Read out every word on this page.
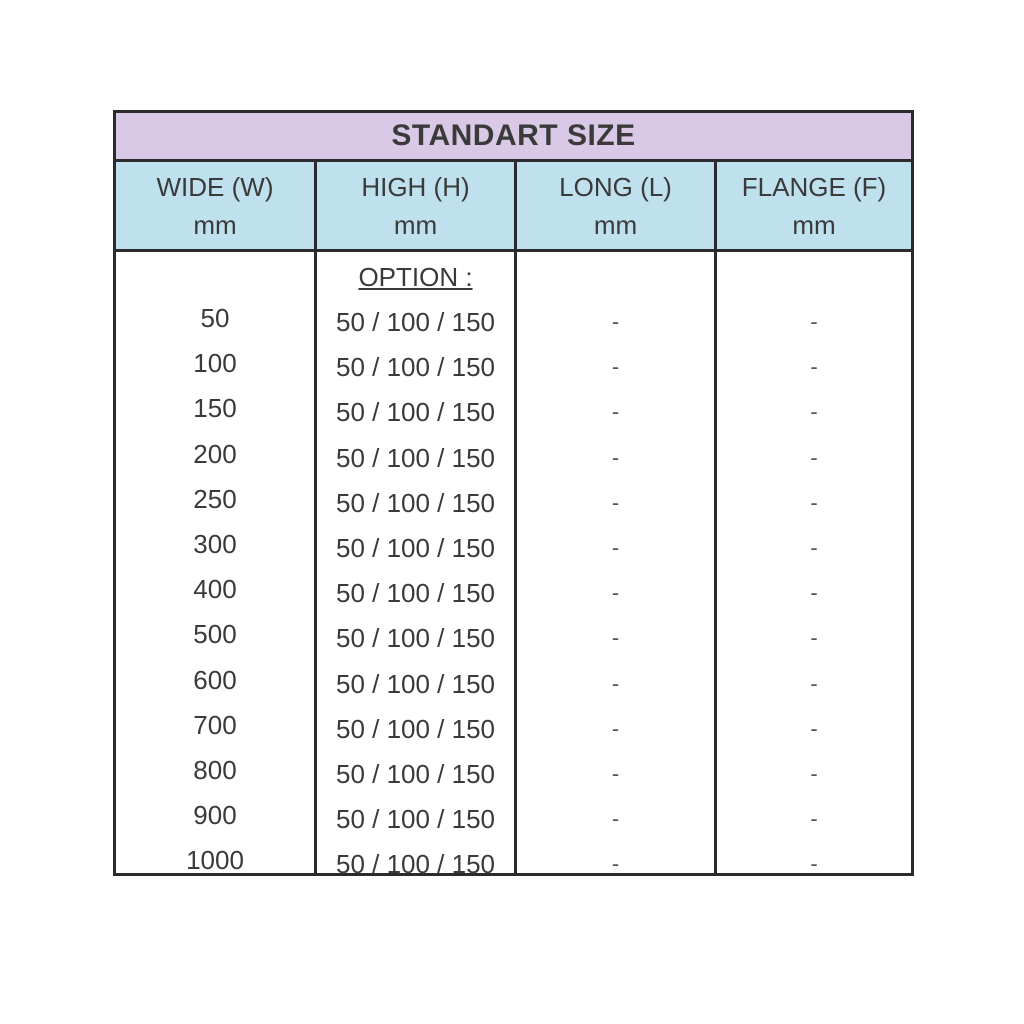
STANDART SIZE
WIDE (W)
mm
HIGH (H)
mm
LONG (L)
mm
FLANGE (F)
mm
50
100
150
200
250
300
400
500
600
700
800
900
1000
OPTION :
50 / 100 / 150
50 / 100 / 150
50 / 100 / 150
50 / 100 / 150
50 / 100 / 150
50 / 100 / 150
50 / 100 / 150
50 / 100 / 150
50 / 100 / 150
50 / 100 / 150
50 / 100 / 150
50 / 100 / 150
50 / 100 / 150
-
-
-
-
-
-
-
-
-
-
-
-
-
-
-
-
-
-
-
-
-
-
-
-
-
-
